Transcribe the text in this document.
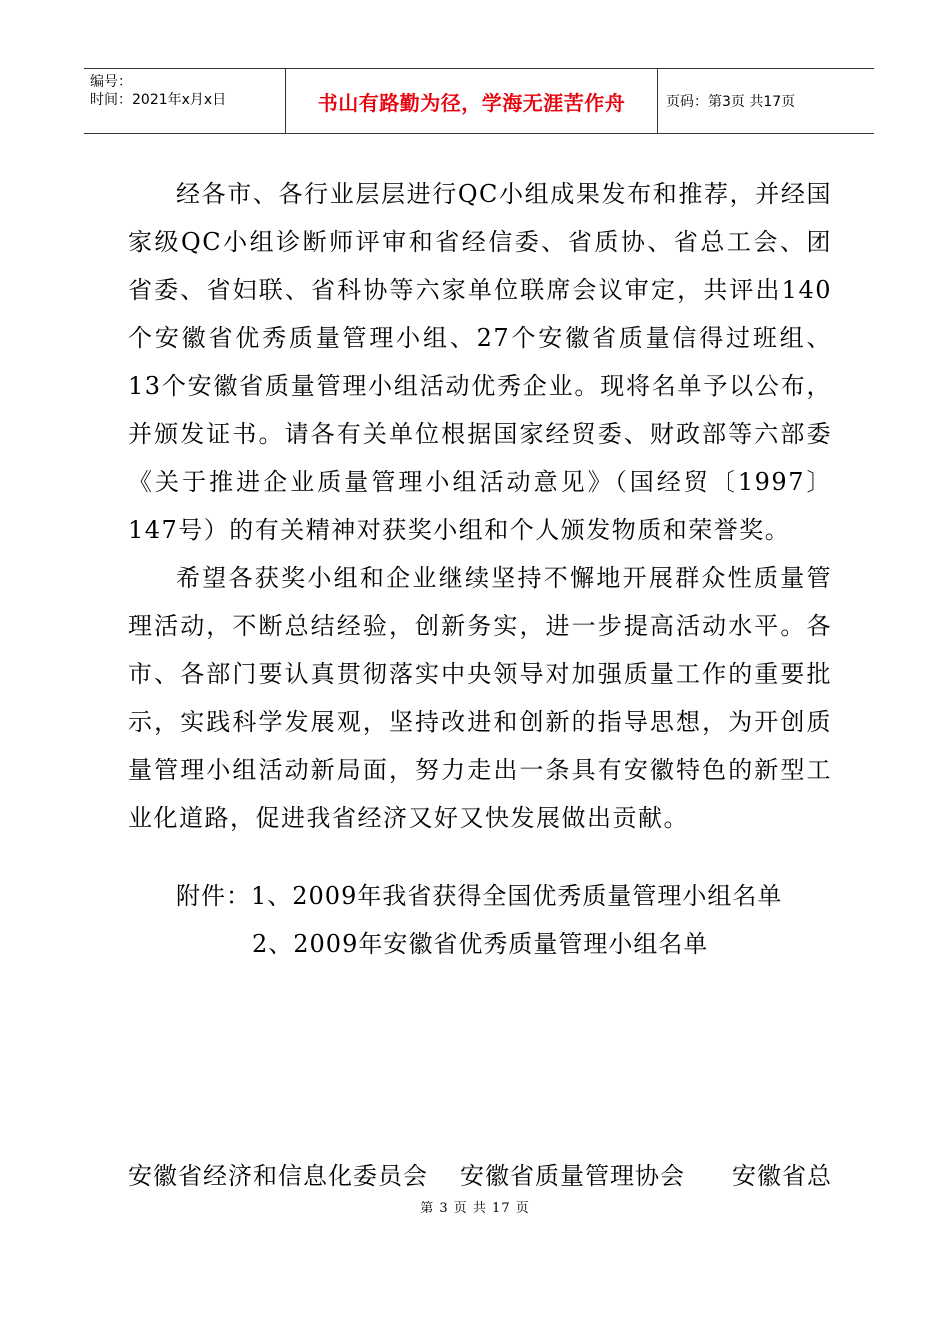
编号：
时间：2021年x月x日	书山有路勤为径，学海无涯苦作舟	页码：第3页 共17页

经各市、各行业层层进行QC小组成果发布和推荐，并经国家级QC小组诊断师评审和省经信委、省质协、省总工会、团省委、省妇联、省科协等六家单位联席会议审定，共评出140个安徽省优秀质量管理小组、27个安徽省质量信得过班组、13个安徽省质量管理小组活动优秀企业。现将名单予以公布，并颁发证书。请各有关单位根据国家经贸委、财政部等六部委《关于推进企业质量管理小组活动意见》（国经贸〔1997〕147号）的有关精神对获奖小组和个人颁发物质和荣誉奖。

希望各获奖小组和企业继续坚持不懈地开展群众性质量管理活动，不断总结经验，创新务实，进一步提高活动水平。各市、各部门要认真贯彻落实中央领导对加强质量工作的重要批示，实践科学发展观，坚持改进和创新的指导思想，为开创质量管理小组活动新局面，努力走出一条具有安徽特色的新型工业化道路，促进我省经济又好又快发展做出贡献。

附件：1、2009年我省获得全国优秀质量管理小组名单
2、2009年安徽省优秀质量管理小组名单
安徽省经济和信息化委员会	安徽省质量管理协会	安徽省总
第 3 页 共 17 页
